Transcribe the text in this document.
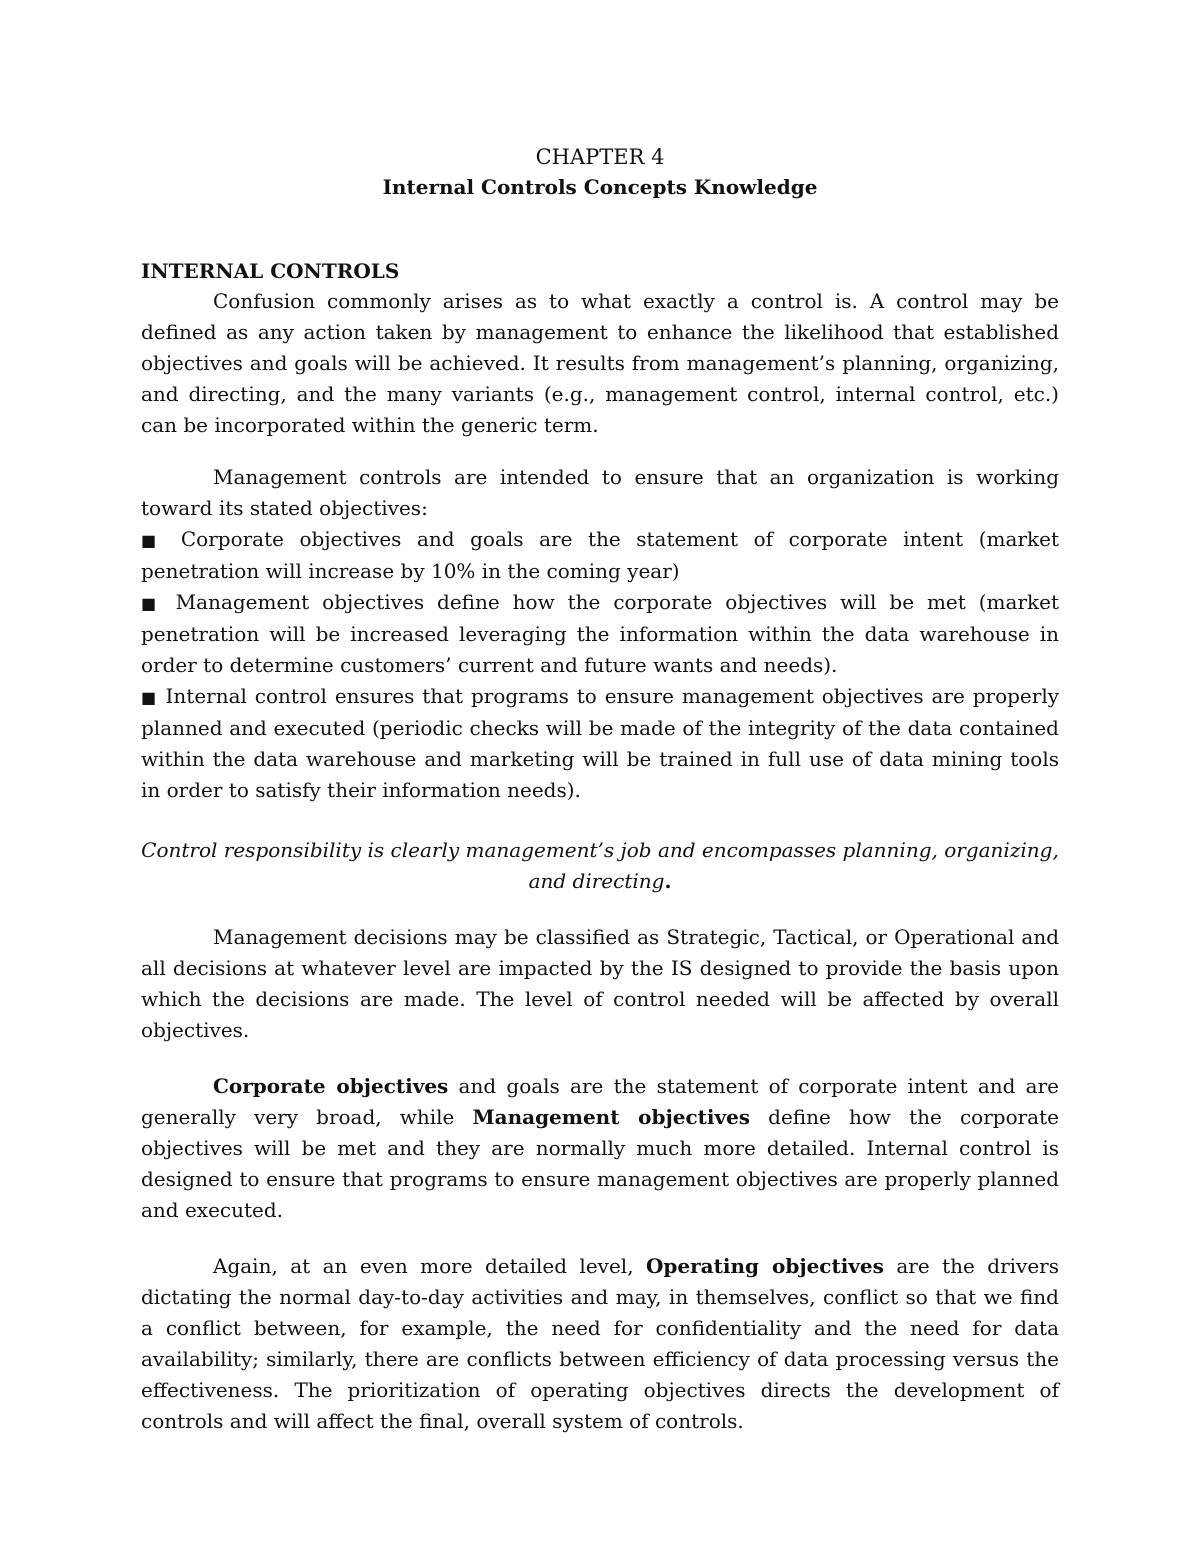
CHAPTER 4
Internal Controls Concepts Knowledge
INTERNAL CONTROLS

Confusion commonly arises as to what exactly a control is. A control may be defined as any action taken by management to enhance the likelihood that established objectives and goals will be achieved. It results from management’s planning, organizing, and directing, and the many variants (e.g., management control, internal control, etc.) can be incorporated within the generic term.

Management controls are intended to ensure that an organization is working toward its stated objectives:

■ Corporate objectives and goals are the statement of corporate intent (market penetration will increase by 10% in the coming year)
■ Management objectives define how the corporate objectives will be met (market penetration will be increased leveraging the information within the data warehouse in order to determine customers’ current and future wants and needs).
■ Internal control ensures that programs to ensure management objectives are properly planned and executed (periodic checks will be made of the integrity of the data contained within the data warehouse and marketing will be trained in full use of data mining tools in order to satisfy their information needs).
Control responsibility is clearly management’s job and encompasses planning, organizing, and directing.

Management decisions may be classified as Strategic, Tactical, or Operational and all decisions at whatever level are impacted by the IS designed to provide the basis upon which the decisions are made. The level of control needed will be affected by overall objectives.

Corporate objectives and goals are the statement of corporate intent and are generally very broad, while Management objectives define how the corporate objectives will be met and they are normally much more detailed. Internal control is designed to ensure that programs to ensure management objectives are properly planned and executed.

Again, at an even more detailed level, Operating objectives are the drivers dictating the normal day-to-day activities and may, in themselves, conflict so that we find a conflict between, for example, the need for confidentiality and the need for data availability; similarly, there are conflicts between efficiency of data processing versus the effectiveness. The prioritization of operating objectives directs the development of controls and will affect the final, overall system of controls.
